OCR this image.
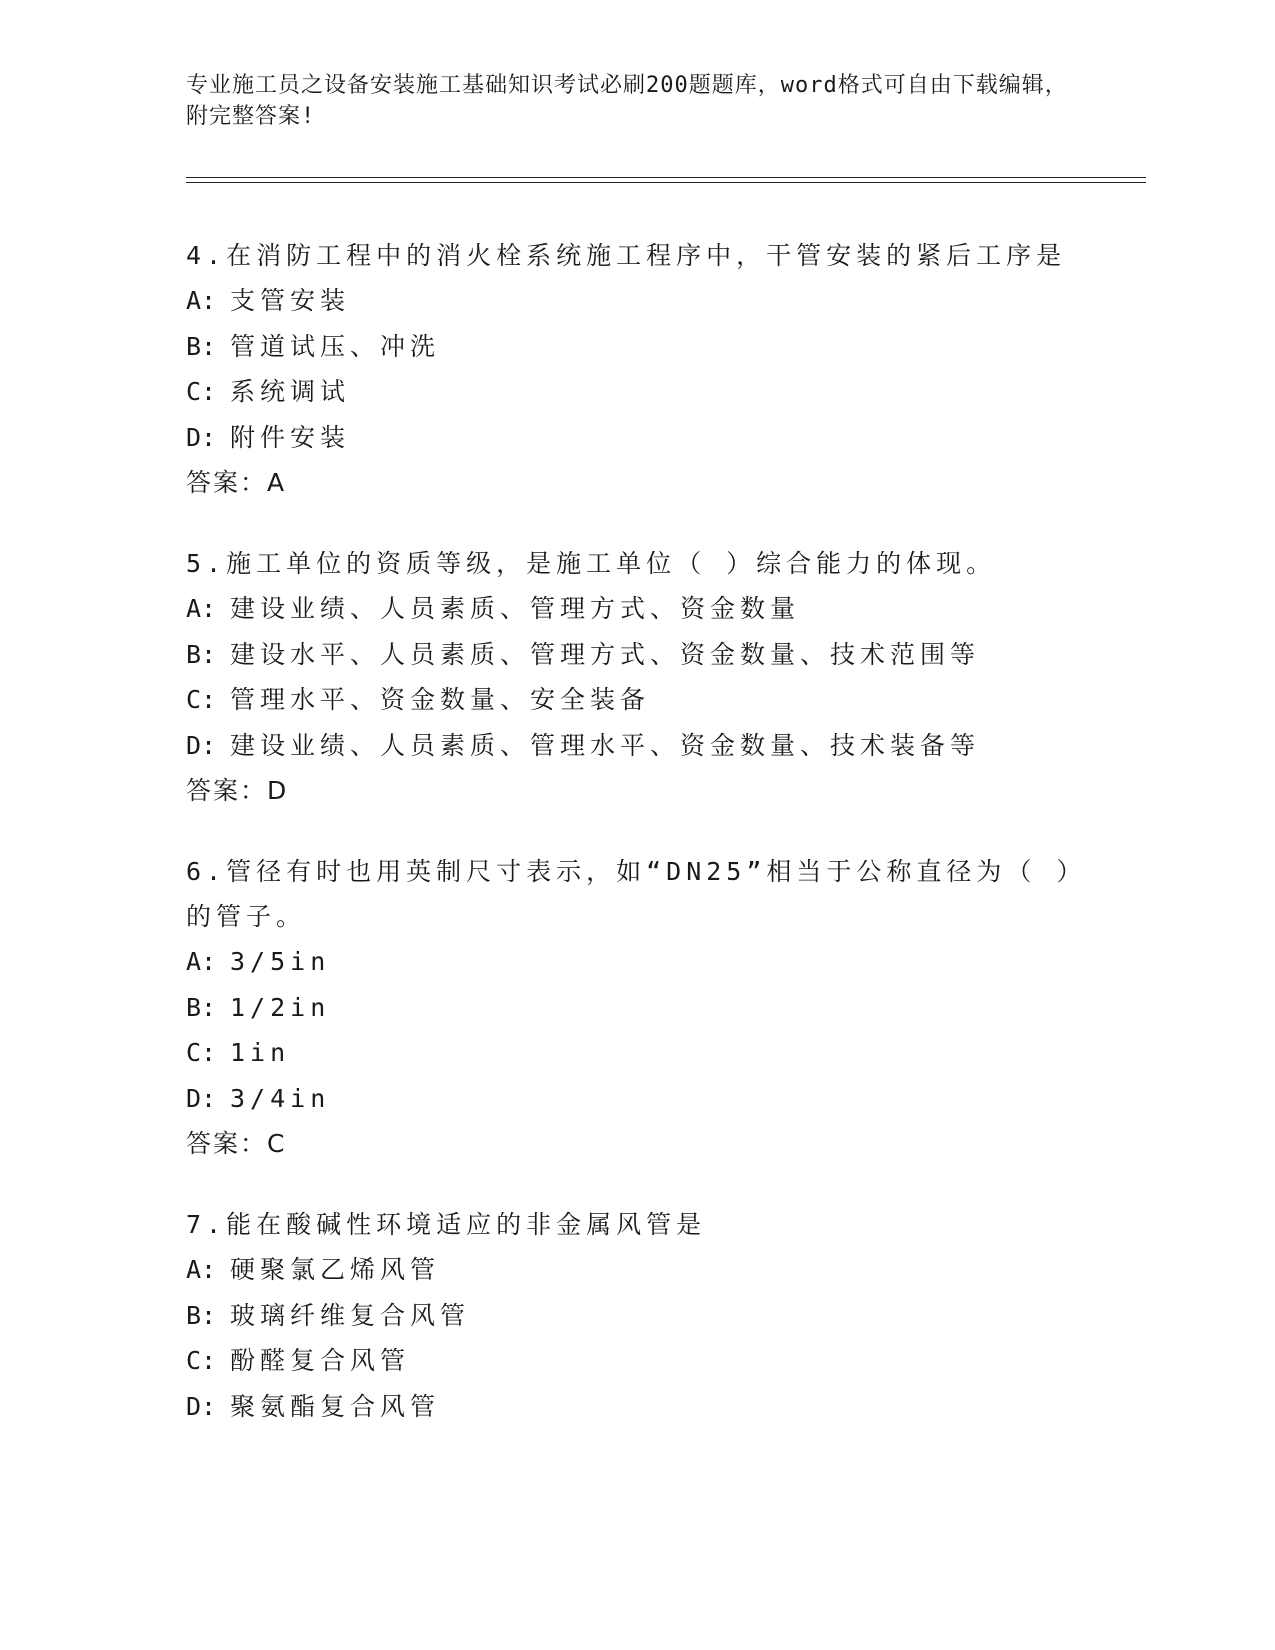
专业施工员之设备安装施工基础知识考试必刷200题题库，word格式可自由下载编辑，附完整答案!

4.在消防工程中的消火栓系统施工程序中，干管安装的紧后工序是

A: 支管安装
B: 管道试压、冲洗
C: 系统调试
D: 附件安装
答案：A

5.施工单位的资质等级，是施工单位（ ）综合能力的体现。

A: 建设业绩、人员素质、管理方式、资金数量
B: 建设水平、人员素质、管理方式、资金数量、技术范围等
C: 管理水平、资金数量、安全装备
D: 建设业绩、人员素质、管理水平、资金数量、技术装备等
答案：D

6.管径有时也用英制尺寸表示，如“DN25”相当于公称直径为（ ）的管子。

A: 3/5in
B: 1/2in
C: 1in
D: 3/4in
答案：C

7.能在酸碱性环境适应的非金属风管是

A: 硬聚氯乙烯风管
B: 玻璃纤维复合风管
C: 酚醛复合风管
D: 聚氨酯复合风管
